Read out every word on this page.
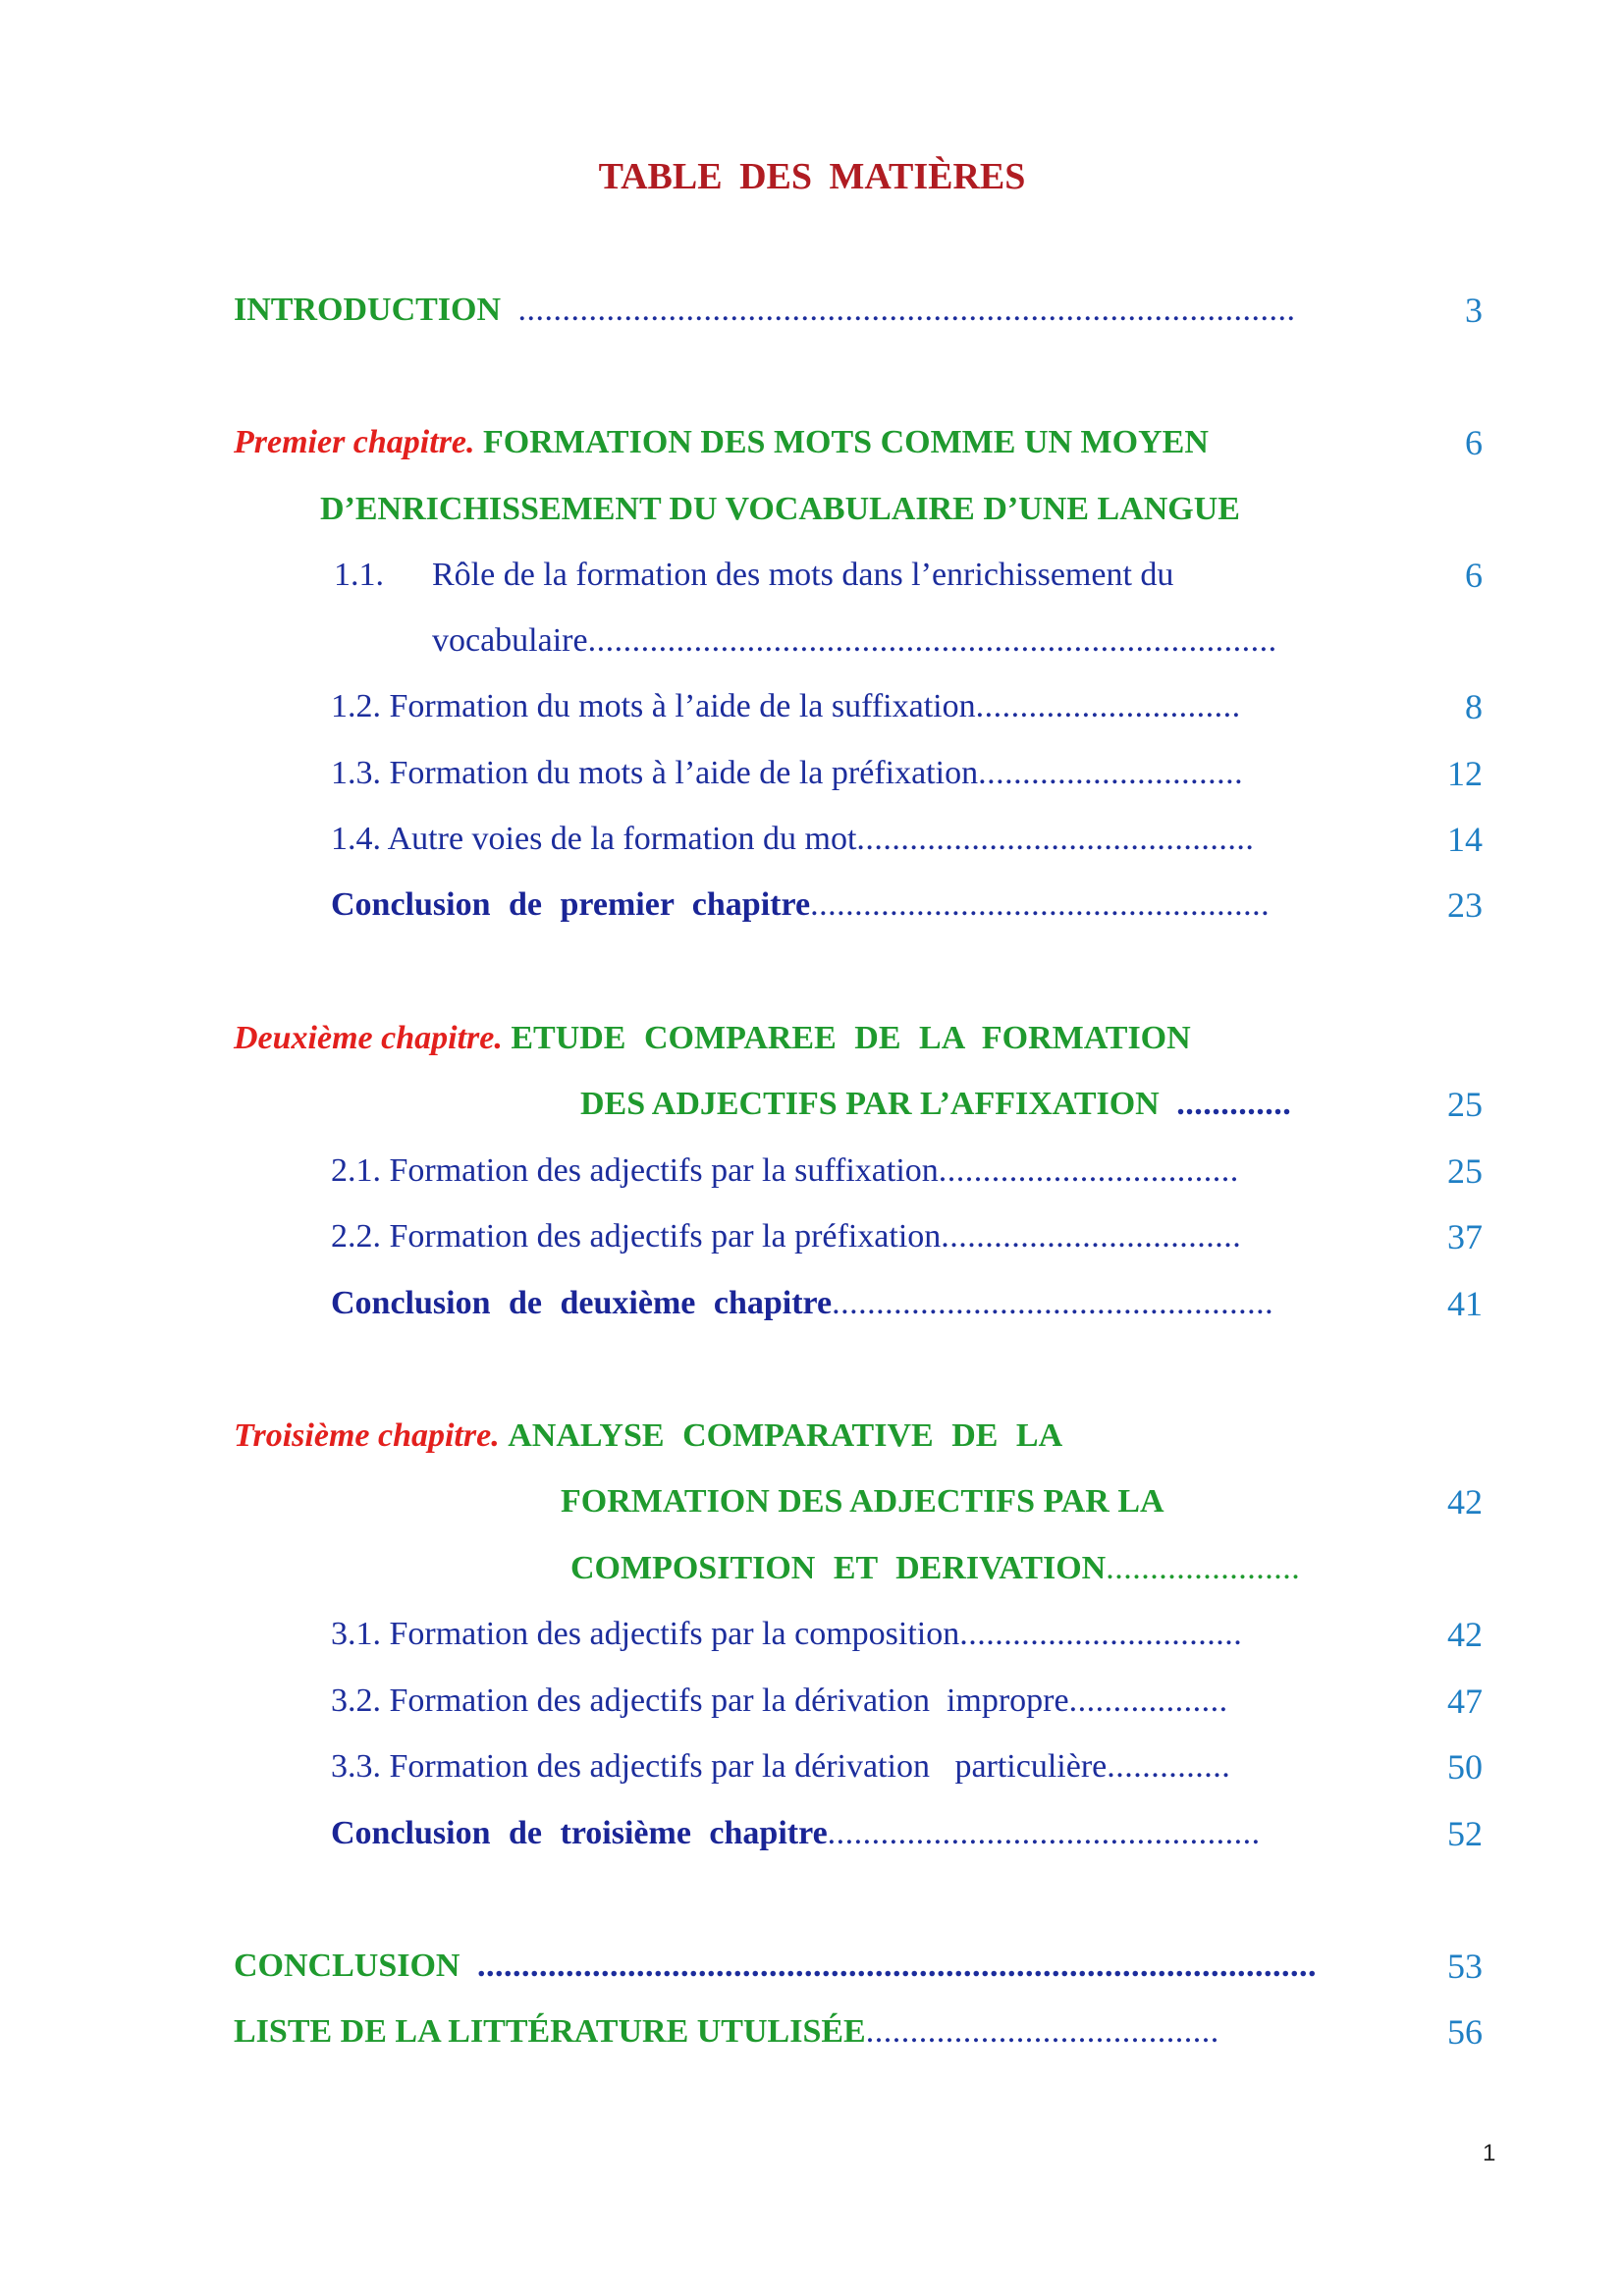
TABLE DES MATIÈRES
INTRODUCTION  ........................................................................................	3
Premier chapitre. FORMATION DES MOTS COMME UN MOYEN	6
D’ENRICHISSEMENT DU VOCABULAIRE D’UNE LANGUE
1.1. Rôle de la formation des mots dans l’enrichissement du	6
vocabulaire..............................................................................
1.2. Formation du mots à l’aide de la suffixation..............................	8
1.3. Formation du mots à l’aide de la préfixation..............................	12
1.4. Autre voies de la formation du mot.............................................	14
Conclusion de premier chapitre....................................................	23
Deuxième chapitre. ETUDE COMPAREE DE LA FORMATION
DES ADJECTIFS PAR L’AFFIXATION  .............	25
2.1. Formation des adjectifs par la suffixation..................................	25
2.2. Formation des adjectifs par la préfixation..................................	37
Conclusion de deuxième chapitre..................................................	41
Troisième chapitre. ANALYSE COMPARATIVE DE LA
FORMATION DES ADJECTIFS PAR LA	42
COMPOSITION ET DERIVATION......................
3.1. Formation des adjectifs par la composition................................	42
3.2. Formation des adjectifs par la dérivation  impropre..................	47
3.3. Formation des adjectifs par la dérivation   particulière..............	50
Conclusion de troisième chapitre.................................................	52
CONCLUSION  ...............................................................................................	53
LISTE DE LA LITTÉRATURE UTULISÉE........................................	56
1
